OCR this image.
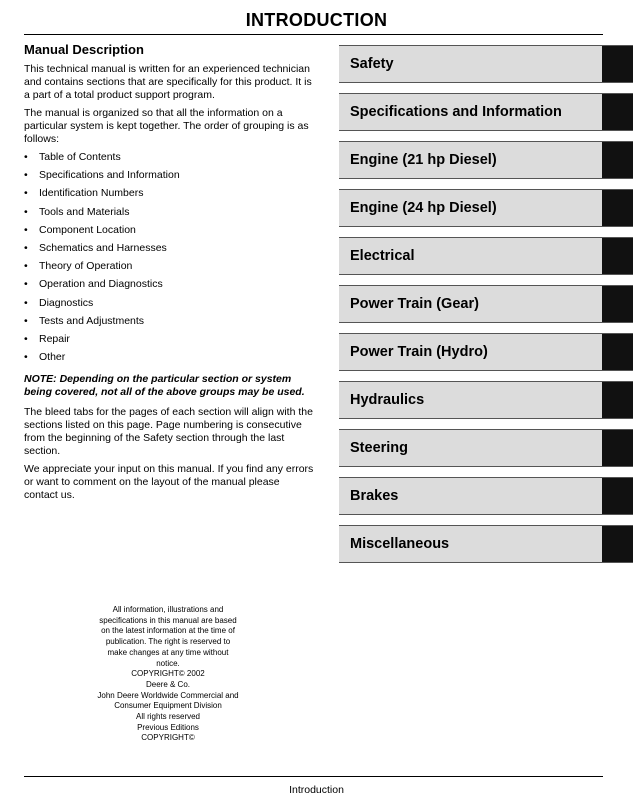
INTRODUCTION
Manual Description

This technical manual is written for an experienced technician and contains sections that are specifically for this product. It is a part of a total product support program.

The manual is organized so that all the information on a particular system is kept together. The order of grouping is as follows:

• Table of Contents
• Specifications and Information
• Identification Numbers
• Tools and Materials
• Component Location
• Schematics and Harnesses
• Theory of Operation
• Operation and Diagnostics
• Diagnostics
• Tests and Adjustments
• Repair
• Other

NOTE: Depending on the particular section or system being covered, not all of the above groups may be used.

The bleed tabs for the pages of each section will align with the sections listed on this page. Page numbering is consecutive from the beginning of the Safety section through the last section.

We appreciate your input on this manual. If you find any errors or want to comment on the layout of the manual please contact us.

Safety
Specifications and Information
Engine (21 hp Diesel)
Engine (24 hp Diesel)
Electrical
Power Train (Gear)
Power Train (Hydro)
Hydraulics
Steering
Brakes
Miscellaneous
All information, illustrations and
specifications in this manual are based
on the latest information at the time of
publication. The right is reserved to
make changes at any time without
notice.
COPYRIGHT© 2002
Deere & Co.
John Deere Worldwide Commercial and
Consumer Equipment Division
All rights reserved
Previous Editions
COPYRIGHT©
Introduction
